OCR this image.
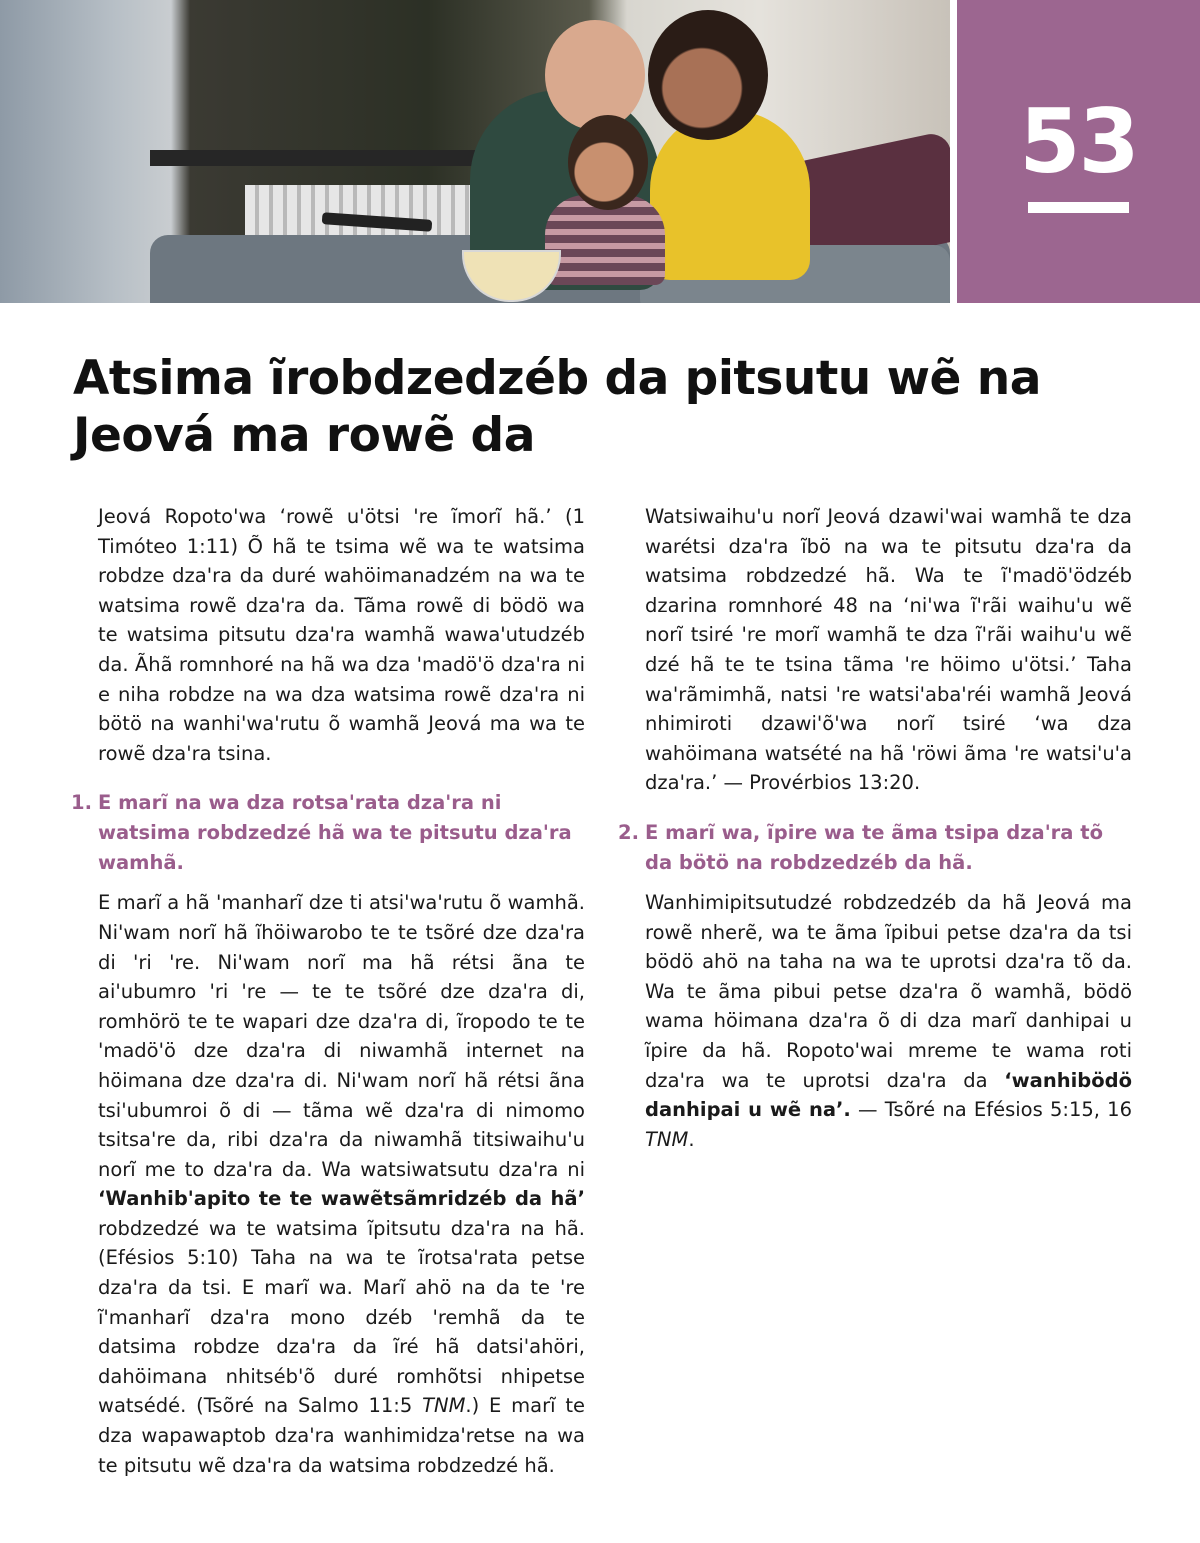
53
Atsima ĩrobdzedzéb da pitsutu wẽ na Jeová ma rowẽ da

Jeová Ropoto'wa ‘rowẽ u'ötsi 're ĩmorĩ hã.’ (1 Timóteo 1:11) Õ hã te tsima wẽ wa te watsima robdze dza'ra da duré wahöimanadzém na wa te watsima rowẽ dza'ra da. Tãma rowẽ di bödö wa te watsima pitsutu dza'ra wamhã wawa'utudzéb da. Ãhã romnhoré na hã wa dza 'madö'ö dza'ra ni e niha robdze na wa dza watsima rowẽ dza'ra ni bötö na wanhi'wa'rutu õ wamhã Jeová ma wa te rowẽ dza'ra tsina.

1. E marĩ na wa dza rotsa'rata dza'ra ni watsima robdzedzé hã wa te pitsutu dza'ra wamhã.

E marĩ a hã 'manharĩ dze ti atsi'wa'rutu õ wamhã. Ni'wam norĩ hã ĩhöiwarobo te te tsõré dze dza'ra di 'ri 're. Ni'wam norĩ ma hã rétsi ãna te ai'ubumro 'ri 're — te te tsõré dze dza'ra di, romhörö te te wapari dze dza'ra di, ĩropodo te te 'madö'ö dze dza'ra di niwamhã internet na höimana dze dza'ra di. Ni'wam norĩ hã rétsi ãna tsi'ubumroi õ di — tãma wẽ dza'ra di nimomo tsitsa're da, ribi dza'ra da niwamhã titsiwaihu'u norĩ me to dza'ra da. Wa watsiwatsutu dza'ra ni ‘Wanhib'apito te te wawẽtsãmridzéb da hã’ robdzedzé wa te watsima ĩpitsutu dza'ra na hã. (Efésios 5:10) Taha na wa te ĩrotsa'rata petse dza'ra da tsi. E marĩ wa. Marĩ ahö na da te 're ĩ'manharĩ dza'ra mono dzéb 'remhã da te datsima robdze dza'ra da ĩré hã datsi'ahöri, dahöimana nhitséb'õ duré romhõtsi nhipetse watsédé. (Tsõré na Salmo 11:5 TNM.) E marĩ te dza wapawaptob dza'ra wanhimidza'retse na wa te pitsutu wẽ dza'ra da watsima robdzedzé hã.

Watsiwaihu'u norĩ Jeová dzawi'wai wamhã te dza warétsi dza'ra ĩbö na wa te pitsutu dza'ra da watsima robdzedzé hã. Wa te ĩ'madö'ödzéb dzarina romnhoré 48 na ‘ni'wa ĩ'rãi waihu'u wẽ norĩ tsiré 're morĩ wamhã te dza ĩ'rãi waihu'u wẽ dzé hã te te tsina tãma 're höimo u'ötsi.’ Taha wa'rãmimhã, natsi 're watsi'aba'réi wamhã Jeová nhimiroti dzawi'õ'wa norĩ tsiré ‘wa dza wahöimana watsété na hã 'röwi ãma 're watsi'u'a dza'ra.’ — Provérbios 13:20.

2. E marĩ wa, ĩpire wa te ãma tsipa dza'ra tõ da bötö na robdzedzéb da hã.

Wanhimipitsutudzé robdzedzéb da hã Jeová ma rowẽ nherẽ, wa te ãma ĩpibui petse dza'ra da tsi bödö ahö na taha na wa te uprotsi dza'ra tõ da. Wa te ãma pibui petse dza'ra õ wamhã, bödö wama höimana dza'ra õ di dza marĩ danhipai u ĩpire da hã. Ropoto'wai mreme te wama roti dza'ra wa te uprotsi dza'ra da ‘wanhibödö danhipai u wẽ na’. — Tsõré na Efésios 5:15, 16 TNM.
